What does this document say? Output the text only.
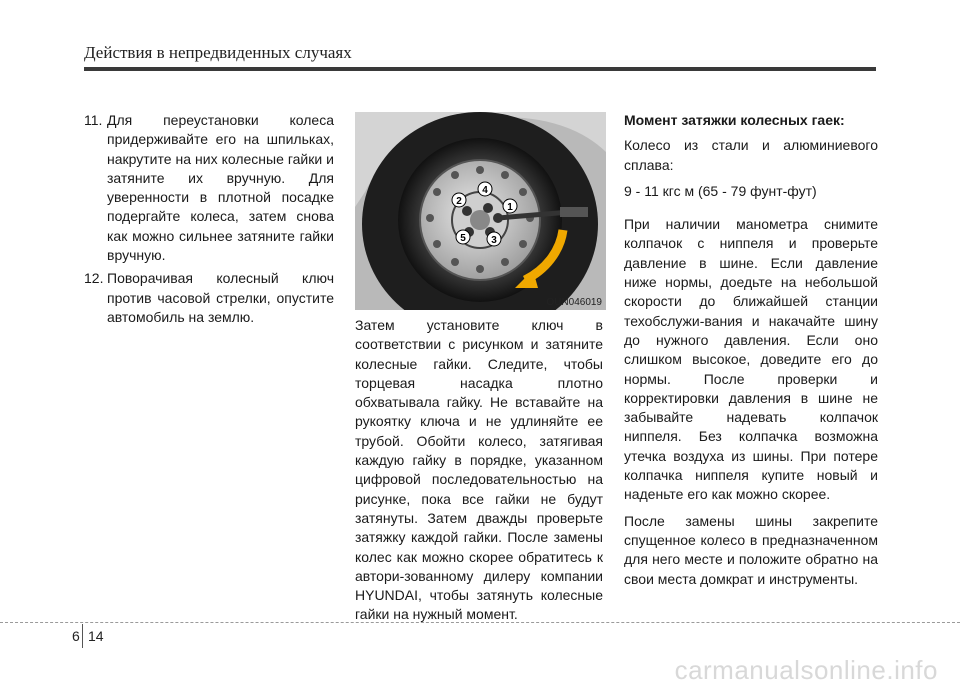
Действия в непредвиденных случаях
11. Для переустановки колеса придерживайте его на шпильках, накрутите на них колесные гайки и затяните их вручную. Для уверенности в плотной посадке подергайте колеса, затем снова как можно сильнее затяните гайки вручную.
12. Поворачивая колесный ключ против часовой стрелки, опустите автомобиль на землю.
1
2
3
4
5
OUN046019

Затем установите ключ в соответствии с рисунком и затяните колесные гайки. Следите, чтобы торцевая насадка плотно обхватывала гайку. Не вставайте на рукоятку ключа и не удлиняйте ее трубой. Обойти колесо, затягивая каждую гайку в порядке, указанном цифровой последовательностью на рисунке, пока все гайки не будут затянуты. Затем дважды проверьте затяжку каждой гайки. После замены колес как можно скорее обратитесь к автори-зованному дилеру компании HYUNDAI, чтобы затянуть колесные гайки на нужный момент.

Момент затяжки колесных гаек:

Колесо из стали и алюминиевого сплава:

9 - 11 кгс м (65 - 79 фунт-фут)

При наличии манометра снимите колпачок с ниппеля и проверьте давление в шине. Если давление ниже нормы, доедьте на небольшой скорости до ближайшей станции техобслужи-вания и накачайте шину до нужного давления. Если оно слишком высокое, доведите его до нормы. После проверки и корректировки давления в шине не забывайте надевать колпачок ниппеля. Без колпачка возможна утечка воздуха из шины. При потере колпачка ниппеля купите новый и наденьте его как можно скорее.

После замены шины закрепите спущенное колесо в предназначенном для него месте и положите обратно на свои места домкрат и инструменты.

6 14
carmanualsonline.info
